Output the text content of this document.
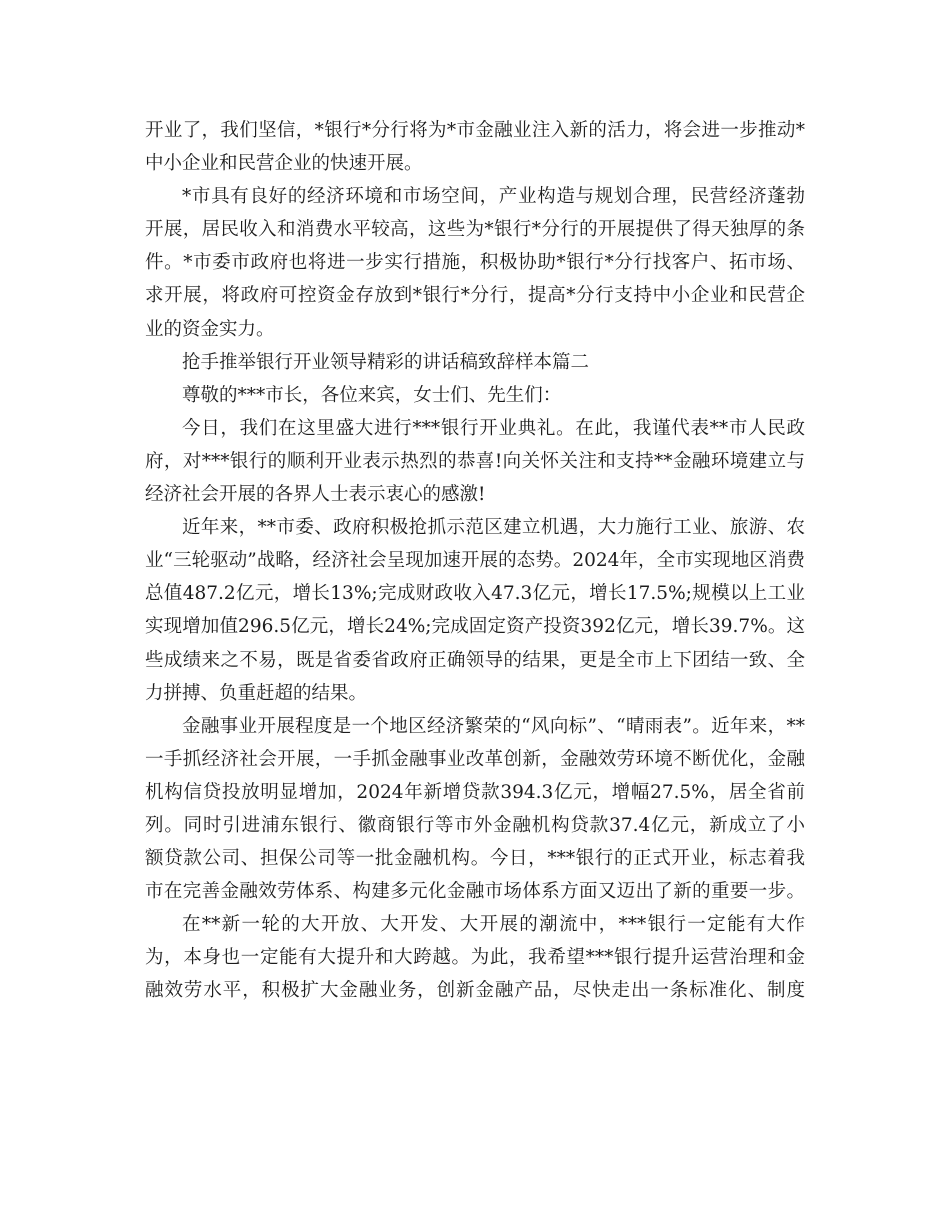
开业了，我们坚信，*银行*分行将为*市金融业注入新的活力，将会进一步推动*
中小企业和民营企业的快速开展。
*市具有良好的经济环境和市场空间，产业构造与规划合理，民营经济蓬勃
开展，居民收入和消费水平较高，这些为*银行*分行的开展提供了得天独厚的条
件。*市委市政府也将进一步实行措施，积极协助*银行*分行找客户、拓市场、
求开展，将政府可控资金存放到*银行*分行，提高*分行支持中小企业和民营企
业的资金实力。
抢手推举银行开业领导精彩的讲话稿致辞样本篇二
尊敬的***市长，各位来宾，女士们、先生们：
今日，我们在这里盛大进行***银行开业典礼。在此，我谨代表**市人民政
府，对***银行的顺利开业表示热烈的恭喜!向关怀关注和支持**金融环境建立与
经济社会开展的各界人士表示衷心的感激!
近年来，**市委、政府积极抢抓示范区建立机遇，大力施行工业、旅游、农
业“三轮驱动”战略，经济社会呈现加速开展的态势。2024年，全市实现地区消费
总值487.2亿元，增长13%;完成财政收入47.3亿元，增长17.5%;规模以上工业
实现增加值296.5亿元，增长24%;完成固定资产投资392亿元，增长39.7%。这
些成绩来之不易，既是省委省政府正确领导的结果，更是全市上下团结一致、全
力拼搏、负重赶超的结果。
金融事业开展程度是一个地区经济繁荣的“风向标”、“晴雨表”。近年来，**
一手抓经济社会开展，一手抓金融事业改革创新，金融效劳环境不断优化，金融
机构信贷投放明显增加，2024年新增贷款394.3亿元，增幅27.5%，居全省前
列。同时引进浦东银行、徽商银行等市外金融机构贷款37.4亿元，新成立了小
额贷款公司、担保公司等一批金融机构。今日，***银行的正式开业，标志着我
市在完善金融效劳体系、构建多元化金融市场体系方面又迈出了新的重要一步。
在**新一轮的大开放、大开发、大开展的潮流中，***银行一定能有大作
为，本身也一定能有大提升和大跨越。为此，我希望***银行提升运营治理和金
融效劳水平，积极扩大金融业务，创新金融产品，尽快走出一条标准化、制度
